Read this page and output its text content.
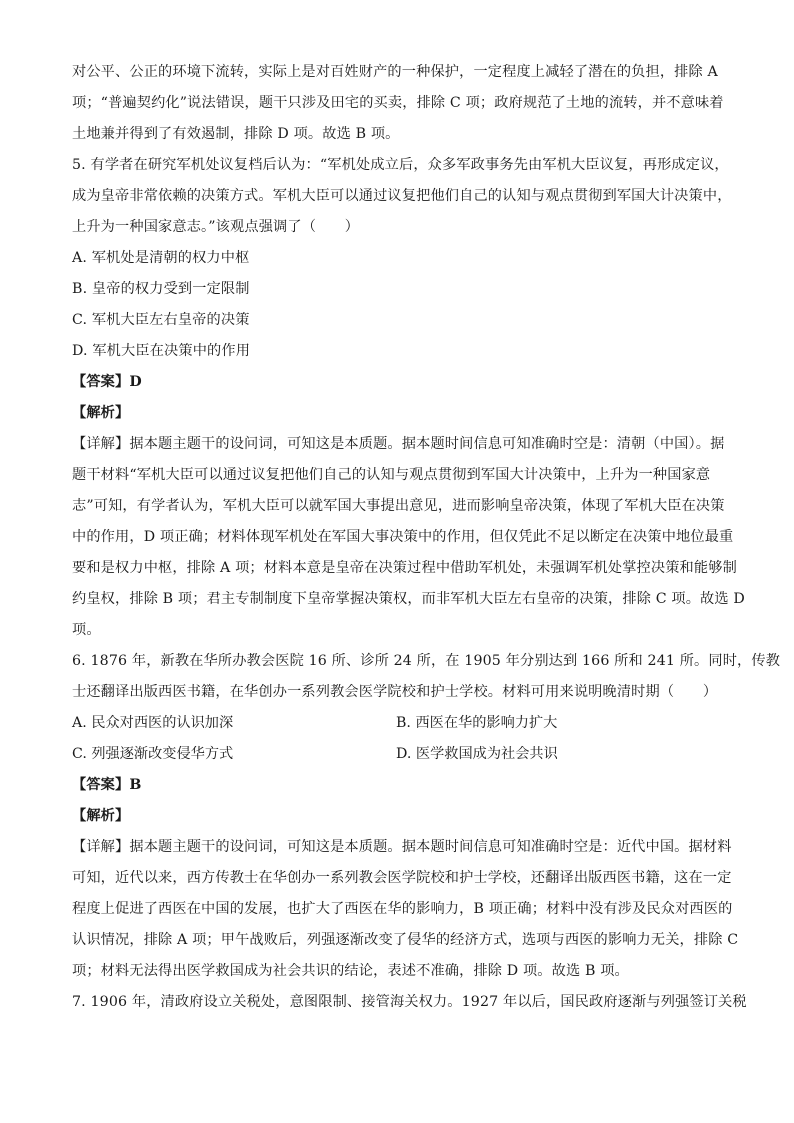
对公平、公正的环境下流转，实际上是对百姓财产的一种保护，一定程度上减轻了潜在的负担，排除 A
项；“普遍契约化”说法错误，题干只涉及田宅的买卖，排除 C 项；政府规范了土地的流转，并不意味着
土地兼并得到了有效遏制，排除 D 项。故选 B 项。
5. 有学者在研究军机处议复档后认为：“军机处成立后，众多军政事务先由军机大臣议复，再形成定议，
成为皇帝非常依赖的决策方式。军机大臣可以通过议复把他们自己的认知与观点贯彻到军国大计决策中，
上升为一种国家意志。”该观点强调了（　　）
A. 军机处是清朝的权力中枢
B. 皇帝的权力受到一定限制
C. 军机大臣左右皇帝的决策
D. 军机大臣在决策中的作用
【答案】D
【解析】
【详解】据本题主题干的设问词，可知这是本质题。据本题时间信息可知准确时空是：清朝（中国）。据
题干材料“军机大臣可以通过议复把他们自己的认知与观点贯彻到军国大计决策中，上升为一种国家意
志”可知，有学者认为，军机大臣可以就军国大事提出意见，进而影响皇帝决策，体现了军机大臣在决策
中的作用，D 项正确；材料体现军机处在军国大事决策中的作用，但仅凭此不足以断定在决策中地位最重
要和是权力中枢，排除 A 项；材料本意是皇帝在决策过程中借助军机处，未强调军机处掌控决策和能够制
约皇权，排除 B 项；君主专制制度下皇帝掌握决策权，而非军机大臣左右皇帝的决策，排除 C 项。故选 D
项。
6. 1876 年，新教在华所办教会医院 16 所、诊所 24 所，在 1905 年分别达到 166 所和 241 所。同时，传教
士还翻译出版西医书籍，在华创办一系列教会医学院校和护士学校。材料可用来说明晚清时期（　　）
A. 民众对西医的认识加深	B. 西医在华的影响力扩大
C. 列强逐渐改变侵华方式	D. 医学救国成为社会共识
【答案】B
【解析】
【详解】据本题主题干的设问词，可知这是本质题。据本题时间信息可知准确时空是：近代中国。据材料
可知，近代以来，西方传教士在华创办一系列教会医学院校和护士学校，还翻译出版西医书籍，这在一定
程度上促进了西医在中国的发展，也扩大了西医在华的影响力，B 项正确；材料中没有涉及民众对西医的
认识情况，排除 A 项；甲午战败后，列强逐渐改变了侵华的经济方式，选项与西医的影响力无关，排除 C
项；材料无法得出医学救国成为社会共识的结论，表述不准确，排除 D 项。故选 B 项。
7. 1906 年，清政府设立关税处，意图限制、接管海关权力。1927 年以后，国民政府逐渐与列强签订关税
